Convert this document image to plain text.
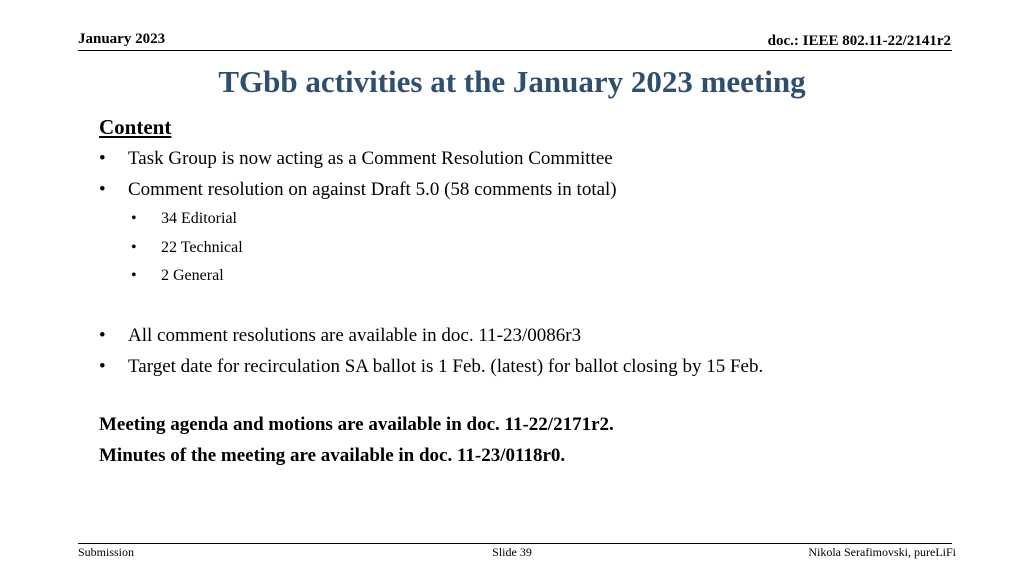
January 2023	doc.: IEEE 802.11-22/2141r2
TGbb activities at the January 2023 meeting
Content
• Task Group is now acting as a Comment Resolution Committee
• Comment resolution on against Draft 5.0 (58 comments in total)
• 34 Editorial
• 22 Technical
• 2 General
• All comment resolutions are available in doc. 11-23/0086r3
• Target date for recirculation SA ballot is 1 Feb. (latest) for ballot closing by 15 Feb.
Meeting agenda and motions are available in doc. 11-22/2171r2.
Minutes of the meeting are available in doc. 11-23/0118r0.
Submission	Slide 39	Nikola Serafimovski, pureLiFi
